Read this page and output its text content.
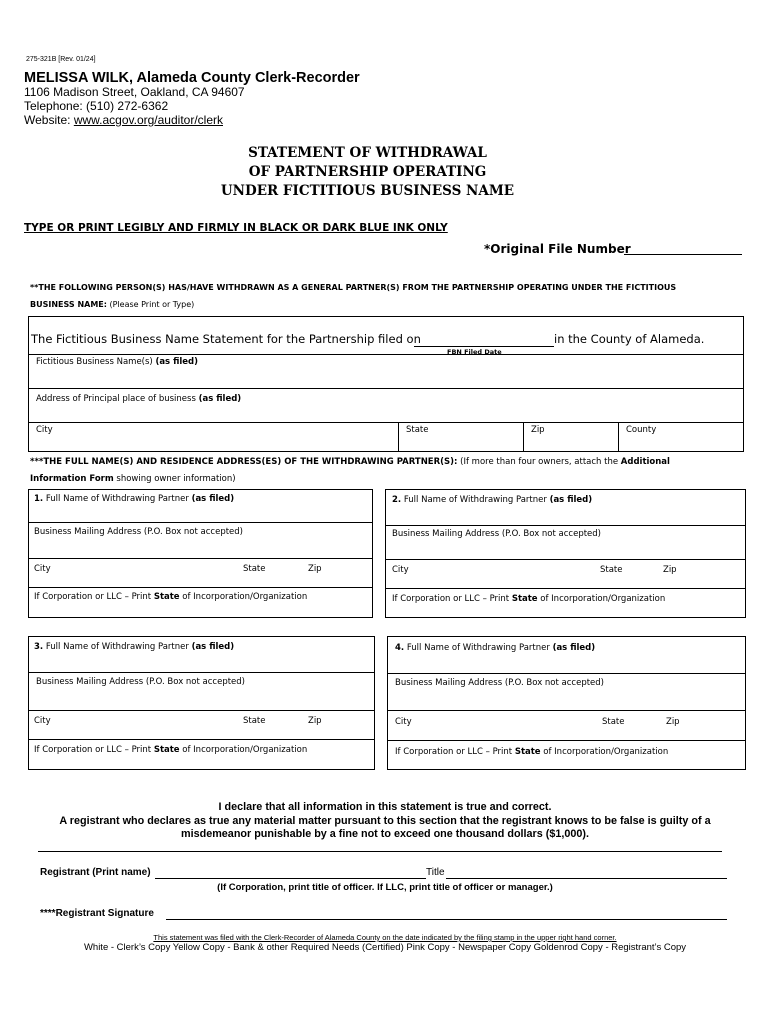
275-321B [Rev. 01/24]
MELISSA WILK, Alameda County Clerk-Recorder
1106 Madison Street, Oakland, CA 94607
Telephone: (510) 272-6362
Website: www.acgov.org/auditor/clerk
STATEMENT OF WITHDRAWAL
OF PARTNERSHIP OPERATING
UNDER FICTITIOUS BUSINESS NAME
TYPE OR PRINT LEGIBLY AND FIRMLY IN BLACK OR DARK BLUE INK ONLY
*Original File Number
**THE FOLLOWING PERSON(S) HAS/HAVE WITHDRAWN AS A GENERAL PARTNER(S) FROM THE PARTNERSHIP OPERATING UNDER THE FICTITIOUS
BUSINESS NAME: (Please Print or Type)
The Fictitious Business Name Statement for the Partnership filed on	in the County of Alameda.
FBN Filed Date
Fictitious Business Name(s) (as filed)
Address of Principal place of business (as filed)
City	State	Zip	County
***THE FULL NAME(S) AND RESIDENCE ADDRESS(ES) OF THE WITHDRAWING PARTNER(S): (If more than four owners, attach the Additional
Information Form showing owner information)
1. Full Name of Withdrawing Partner (as filed)
Business Mailing Address (P.O. Box not accepted)
City	State	Zip
If Corporation or LLC – Print State of Incorporation/Organization
2. Full Name of Withdrawing Partner (as filed)
Business Mailing Address (P.O. Box not accepted)
City	State	Zip
If Corporation or LLC – Print State of Incorporation/Organization
3. Full Name of Withdrawing Partner (as filed)
Business Mailing Address (P.O. Box not accepted)
City	State	Zip
If Corporation or LLC – Print State of Incorporation/Organization
4. Full Name of Withdrawing Partner (as filed)
Business Mailing Address (P.O. Box not accepted)
City	State	Zip
If Corporation or LLC – Print State of Incorporation/Organization
I declare that all information in this statement is true and correct.
A registrant who declares as true any material matter pursuant to this section that the registrant knows to be false is guilty of a
misdemeanor punishable by a fine not to exceed one thousand dollars ($1,000).
Registrant (Print name)	Title
(If Corporation, print title of officer. If LLC, print title of officer or manager.)
****Registrant Signature
This statement was filed with the Clerk-Recorder of Alameda County on the date indicated by the filing stamp in the upper right hand corner.
White - Clerk’s Copy Yellow Copy - Bank & other Required Needs (Certified) Pink Copy - Newspaper Copy Goldenrod Copy - Registrant’s Copy
